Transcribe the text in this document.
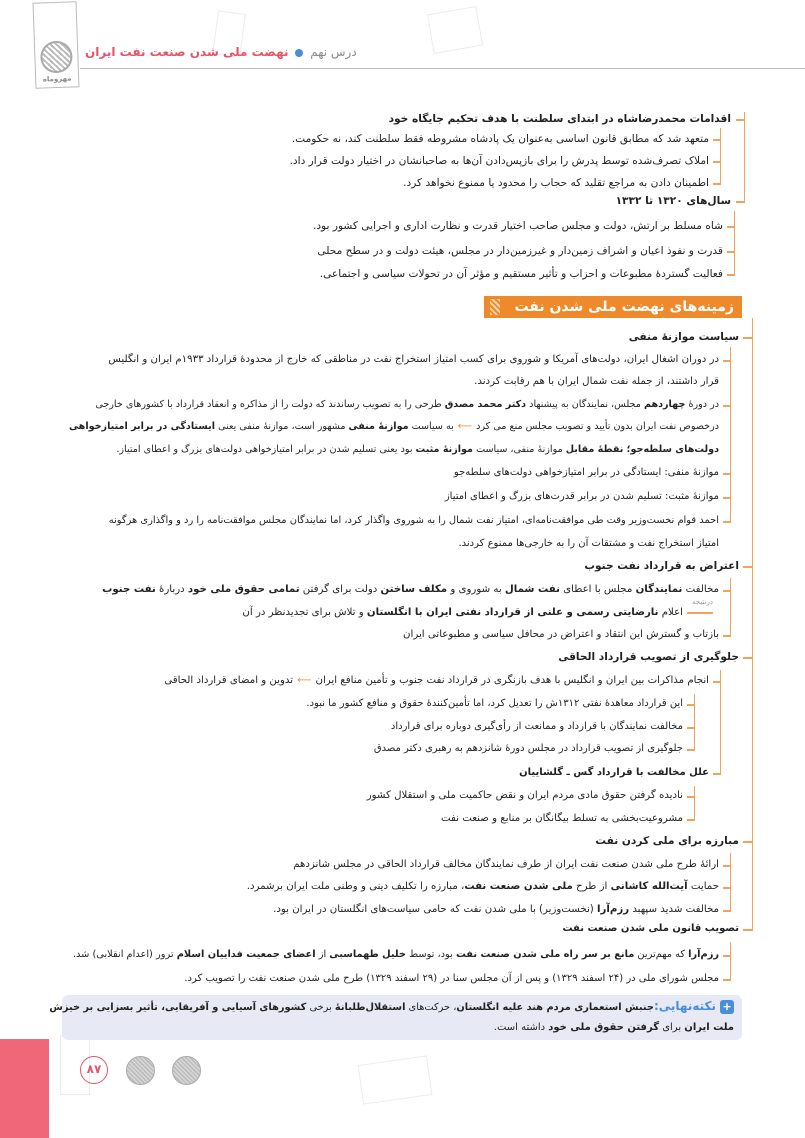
مهروماه
درس نهم  نهضت ملی شدن صنعت نفت ایران
اقدامات محمدرضاشاه در ابتدای سلطنت با هدف تحکیم جایگاه خود
متعهد شد که مطابق قانون اساسی به‌عنوان یک پادشاه مشروطه فقط سلطنت کند، نه حکومت.
املاک تصرف‌شده توسط پدرش را برای بازپس‌دادن آن‌ها به صاحبانشان در اختیار دولت قرار داد.
اطمینان دادن به مراجع تقلید که حجاب را محدود یا ممنوع نخواهد کرد.
سال‌های ۱۳۲۰ تا ۱۳۳۲
شاه مسلط بر ارتش، دولت و مجلس صاحب اختیار قدرت و نظارت اداری و اجرایی کشور بود.
قدرت و نفوذ اعیان و اشراف زمین‌دار و غیرزمین‌دار در مجلس، هیئت دولت و در سطح محلی
فعالیت گستردهٔ مطبوعات و احزاب و تأثیر مستقیم و مؤثر آن در تحولات سیاسی و اجتماعی.
زمینه‌های نهضت ملی شدن نفت
سیاست موازنهٔ منفی
در دوران اشغال ایران، دولت‌های آمریکا و شوروی برای کسب امتیاز استخراج نفت در مناطقی که خارج از محدودهٔ قرارداد ۱۹۳۳م ایران و انگلیس
قرار داشتند، از جمله نفت شمال ایران با هم رقابت کردند.
در دورهٔ چهاردهم مجلس، نمایندگان به پیشنهاد دکتر محمد مصدق طرحی را به تصویب رساندند که دولت را از مذاکره و انعقاد قرارداد با کشورهای خارجی
درخصوص نفت ایران بدون تأیید و تصویب مجلس منع می کرد⟵به سیاست موازنهٔ منفی مشهور است، موازنهٔ منفی یعنی ایستادگی در برابر امتیازخواهی
دولت‌های سلطه‌جو؛ نقطهٔ مقابل موازنهٔ منفی، سیاست موازنهٔ مثبت بود یعنی تسلیم شدن در برابر امتیازخواهی دولت‌های بزرگ و اعطای امتیاز.
موازنهٔ منفی: ایستادگی در برابر امتیازخواهی دولت‌های سلطه‌جو
موازنهٔ مثبت: تسلیم شدن در برابر قدرت‌های بزرگ و اعطای امتیاز
احمد قوام نخست‌وزیر وقت طی موافقت‌نامه‌ای، امتیاز نفت شمال را به شوروی واگذار کرد، اما نمایندگان مجلس موافقت‌نامه را رد و واگذاری هرگونه
امتیاز استخراج نفت و مشتقات آن را به خارجی‌ها ممنوع کردند.
اعتراض به قرارداد نفت جنوب
مخالفت نمایندگان مجلس با اعطای نفت شمال به شوروی و مکلف ساختن دولت برای گرفتن تمامی حقوق ملی خود دربارهٔ نفت جنوب
درنتیجه
اعلام نارضایتی رسمی و علنی از قرارداد نفتی ایران با انگلستان و تلاش برای تجدیدنظر در آن
بازتاب و گسترش این انتقاد و اعتراض در محافل سیاسی و مطبوعاتی ایران
جلوگیری از تصویب قرارداد الحاقی
انجام مذاکرات بین ایران و انگلیس با هدف بازنگری در قرارداد نفت جنوب و تأمین منافع ایران⟵تدوین و امضای قرارداد الحاقی
این قرارداد معاهدهٔ نفتی ۱۳۱۲ش را تعدیل کرد، اما تأمین‌کنندهٔ حقوق و منافع کشور ما نبود.
مخالفت نمایندگان با قرارداد و ممانعت از رأی‌گیری دوباره برای قرارداد
جلوگیری از تصویب قرارداد در مجلس دورهٔ شانزدهم به رهبری دکتر مصدق
علل مخالفت با قرارداد گس ـ گلشاییان
نادیده گرفتن حقوق مادی مردم ایران و نقض حاکمیت ملی و استقلال کشور
مشروعیت‌بخشی به تسلط بیگانگان بر منابع و صنعت نفت
مبارزه برای ملی کردن نفت
ارائهٔ طرح ملی شدن صنعت نفت ایران از طرف نمایندگان مخالف قرارداد الحاقی در مجلس شانزدهم
حمایت آیت‌الله کاشانی از طرح ملی شدن صنعت نفت، مبارزه را تکلیف دینی و وطنی ملت ایران برشمرد.
مخالفت شدید سپهبد رزم‌آرا (نخست‌وزیر) با ملی شدن نفت که حامی سیاست‌های انگلستان در ایران بود.
تصویب قانون ملی شدن صنعت نفت
رزم‌آرا که مهم‌ترین مانع بر سر راه ملی شدن صنعت نفت بود، توسط خلیل طهماسبی از اعضای جمعیت فداییان اسلام ترور (اعدام انقلابی) شد.
مجلس شورای ملی در (۲۴ اسفند ۱۳۲۹) و پس از آن مجلس سنا در (۲۹ اسفند ۱۳۲۹) طرح ملی شدن صنعت نفت را تصویب کرد.
+
نکته‌نهایی:جنبش استعماری مردم هند علیه انگلستان، حرکت‌های استقلال‌طلبانهٔ برخی کشورهای آسیایی و آفریقایی، تأثیر بسزایی بر خیزش
ملت ایران برای گرفتن حقوق ملی خود داشته است.
۸۷
